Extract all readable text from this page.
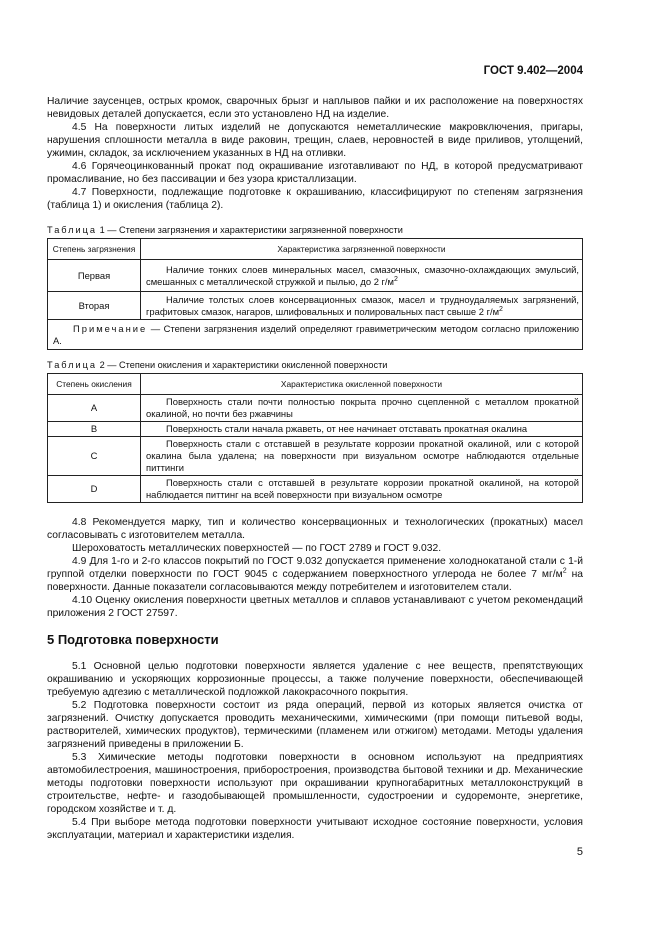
ГОСТ 9.402—2004

Наличие заусенцев, острых кромок, сварочных брызг и наплывов пайки и их расположение на поверхностях невидовых деталей допускается, если это установлено НД на изделие.

4.5 На поверхности литых изделий не допускаются неметаллические макровключения, пригары, нарушения сплошности металла в виде раковин, трещин, слаев, неровностей в виде приливов, утолщений, ужимин, складок, за исключением указанных в НД на отливки.

4.6 Горячеоцинкованный прокат под окрашивание изготавливают по НД, в которой предусматривают промасливание, но без пассивации и без узора кристаллизации.

4.7 Поверхности, подлежащие подготовке к окрашиванию, классифицируют по степеням загрязнения (таблица 1) и окисления (таблица 2).

Таблица 1 — Степени загрязнения и характеристики загрязненной поверхности
Степень загрязнения	Характеристика загрязненной поверхности
Первая	Наличие тонких слоев минеральных масел, смазочных, смазочно-охлаждающих эмульсий, смешанных с металлической стружкой и пылью, до 2 $г/м^2$
Вторая	Наличие толстых слоев консервационных смазок, масел и трудноудаляемых загрязнений, графитовых смазок, нагаров, шлифовальных и полировальных паст свыше 2 $г/м^2$
Примечание — Степени загрязнения изделий определяют гравиметрическим методом согласно приложению А.	
Таблица 2 — Степени окисления и характеристики окисленной поверхности
Степень окисления	Характеристика окисленной поверхности
A	Поверхность стали почти полностью покрыта прочно сцепленной с металлом прокатной окалиной, но почти без ржавчины
B	Поверхность стали начала ржаветь, от нее начинает отставать прокатная окалина
C	Поверхность стали с отставшей в результате коррозии прокатной окалиной, или с которой окалина была удалена; на поверхности при визуальном осмотре наблюдаются отдельные питтинги
D	Поверхность стали с отставшей в результате коррозии прокатной окалиной, на которой наблюдается питтинг на всей поверхности при визуальном осмотре

4.8 Рекомендуется марку, тип и количество консервационных и технологических (прокатных) масел согласовывать с изготовителем металла.

Шероховатость металлических поверхностей — по ГОСТ 2789 и ГОСТ 9.032.

4.9 Для 1-го и 2-го классов покрытий по ГОСТ 9.032 допускается применение холоднокатаной стали с 1-й группой отделки поверхности по ГОСТ 9045 с содержанием поверхностного углерода не более 7 $мг/м^2$ на поверхности. Данные показатели согласовываются между потребителем и изготовителем стали.

4.10 Оценку окисления поверхности цветных металлов и сплавов устанавливают с учетом рекомендаций приложения 2 ГОСТ 27597.

5 Подготовка поверхности

5.1 Основной целью подготовки поверхности является удаление с нее веществ, препятствующих окрашиванию и ускоряющих коррозионные процессы, а также получение поверхности, обеспечивающей требуемую адгезию с металлической подложкой лакокрасочного покрытия.

5.2 Подготовка поверхности состоит из ряда операций, первой из которых является очистка от загрязнений. Очистку допускается проводить механическими, химическими (при помощи питьевой воды, растворителей, химических продуктов), термическими (пламенем или отжигом) методами. Методы удаления загрязнений приведены в приложении Б.

5.3 Химические методы подготовки поверхности в основном используют на предприятиях автомобилестроения, машиностроения, приборостроения, производства бытовой техники и др. Механические методы подготовки поверхности используют при окрашивании крупногабаритных металлоконструкций в строительстве, нефте- и газодобывающей промышленности, судостроении и судоремонте, энергетике, городском хозяйстве и т. д.

5.4 При выборе метода подготовки поверхности учитывают исходное состояние поверхности, условия эксплуатации, материал и характеристики изделия.

5
